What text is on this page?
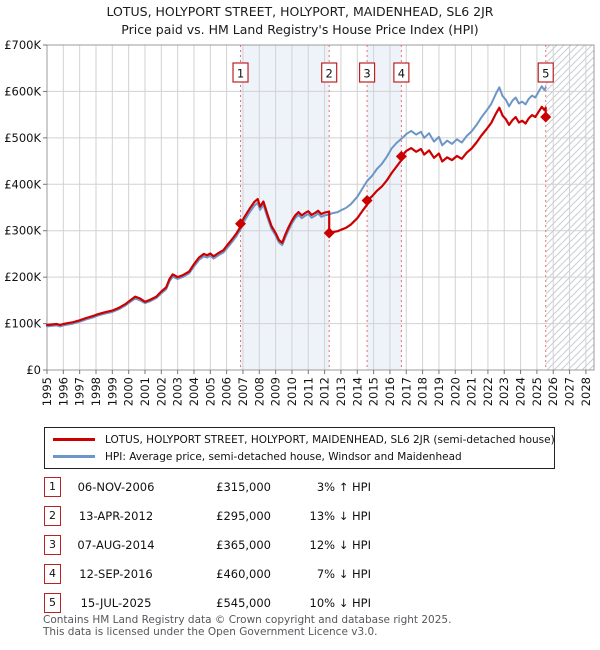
LOTUS, HOLYPORT STREET, HOLYPORT, MAIDENHEAD, SL6 2JR
Price paid vs. HM Land Registry's House Price Index (HPI)
1	2	3 4	5
£0
£100K
£200K
£300K
£400K
£500K
£600K
£700K
1995 1996 1997 1998 1999 2000 2001 2002 2003 2004 2005 2006 2007 2008 2009 2010 2011 2012 2013 2014 2015 2016 2017 2018 2019 2020 2021 2022 2023 2024 2025 2026 2027 2028
LOTUS, HOLYPORT STREET, HOLYPORT, MAIDENHEAD, SL6 2JR (semi-detached house)
HPI: Average price, semi-detached house, Windsor and Maidenhead
1	06-NOV-2006	£315,000	3% ↑ HPI
2	13-APR-2012	£295,000	13% ↓ HPI
3	07-AUG-2014	£365,000	12% ↓ HPI
4	12-SEP-2016	£460,000	7% ↓ HPI
5	15-JUL-2025	£545,000	10% ↓ HPI
Contains HM Land Registry data © Crown copyright and database right 2025.
This data is licensed under the Open Government Licence v3.0.
